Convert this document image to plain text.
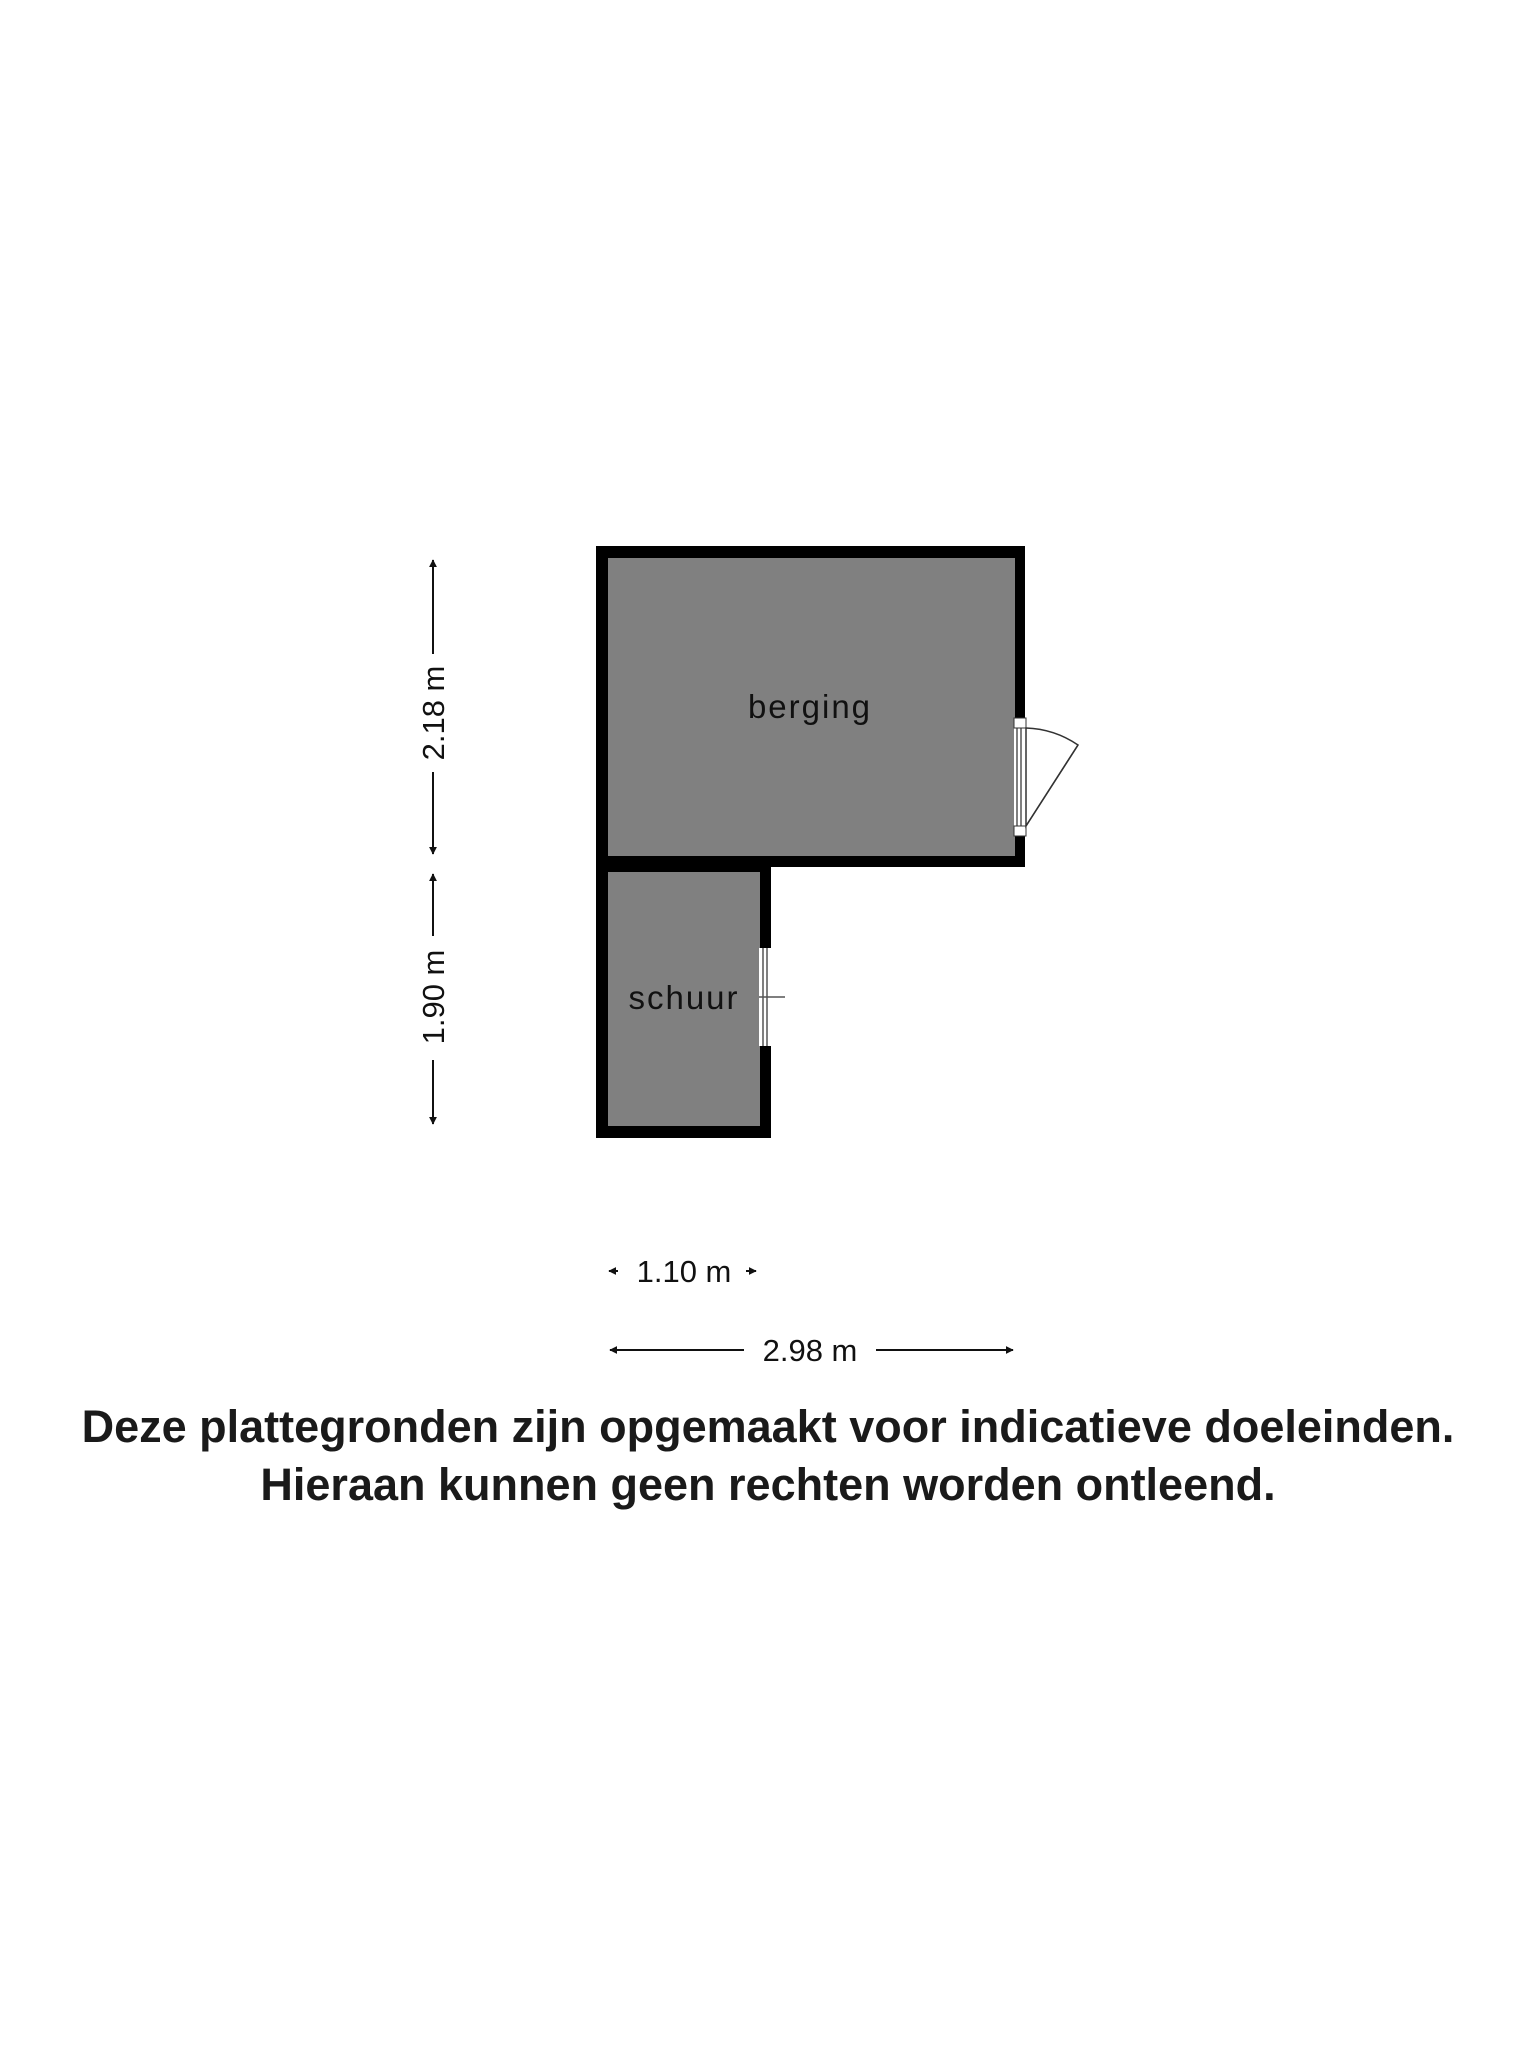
berging
schuur
2.18 m
1.90 m
1.10 m
2.98 m
Deze plattegronden zijn opgemaakt voor indicatieve doeleinden.
Hieraan kunnen geen rechten worden ontleend.
